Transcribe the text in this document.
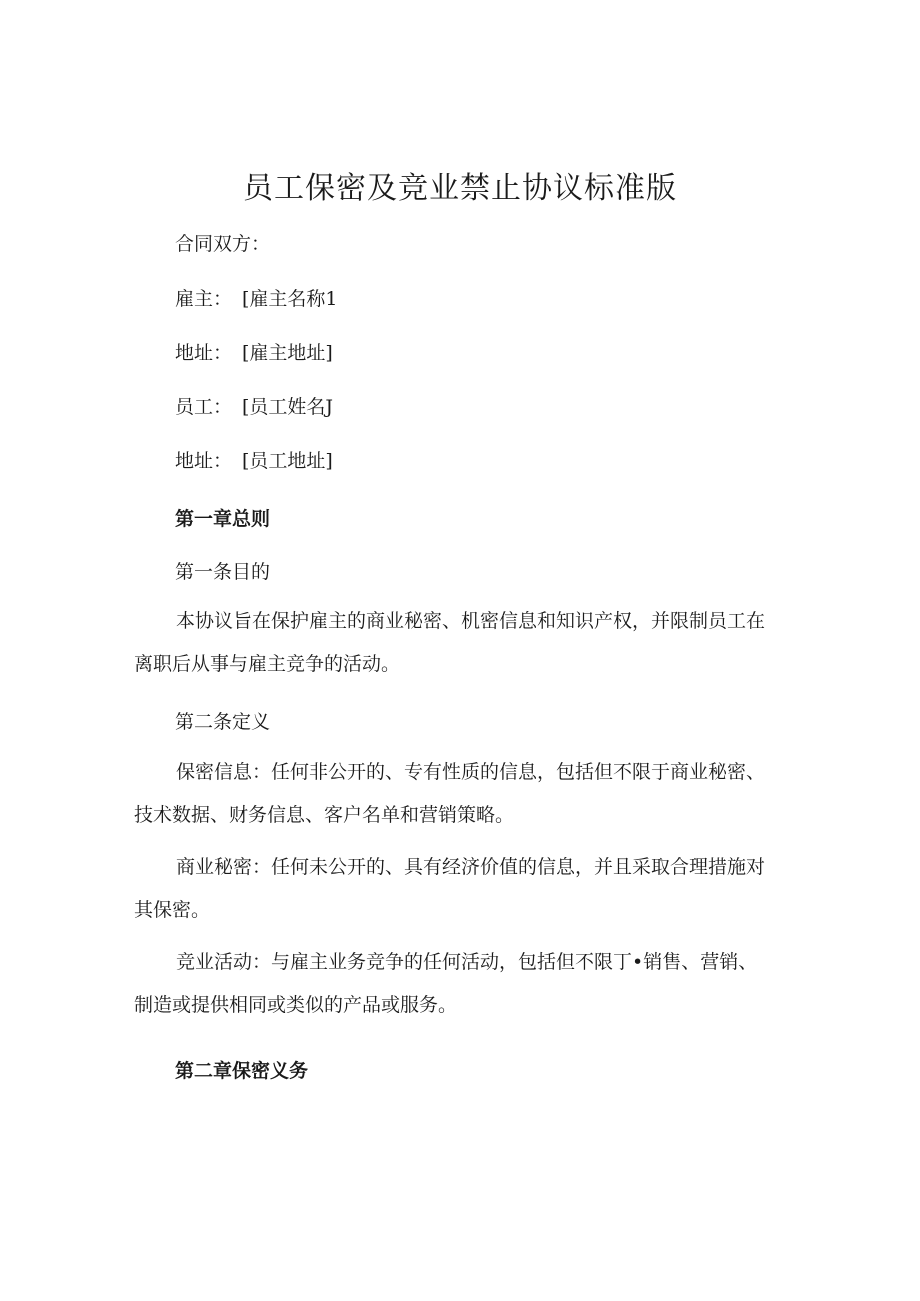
员工保密及竞业禁止协议标准版
合同双方：
雇主： [雇主名称1
地址： [雇主地址]
员工： [员工姓名J
地址： [员工地址]
第一章总则
第一条目的

本协议旨在保护雇主的商业秘密、机密信息和知识产权，并限制员工在离职后从事与雇主竞争的活动。

第二条定义

保密信息：任何非公开的、专有性质的信息，包括但不限于商业秘密、技术数据、财务信息、客户名单和营销策略。

商业秘密：任何未公开的、具有经济价值的信息，并且采取合理措施对其保密。

竞业活动：与雇主业务竞争的任何活动，包括但不限丁•销售、营销、制造或提供相同或类似的产品或服务。

第二章保密义务
